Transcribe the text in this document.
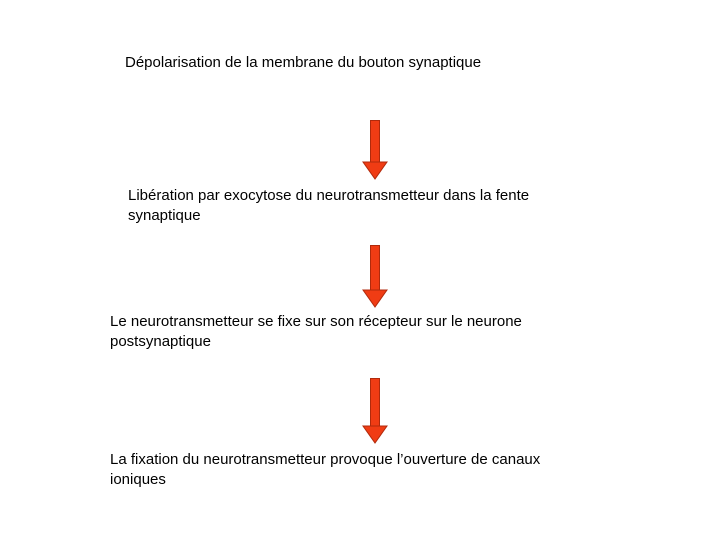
Dépolarisation de la membrane du bouton synaptique
Libération par exocytose du neurotransmetteur dans la fente
synaptique
Le neurotransmetteur se fixe sur son récepteur sur le neurone
postsynaptique
La fixation du neurotransmetteur provoque l’ouverture de canaux
ioniques
